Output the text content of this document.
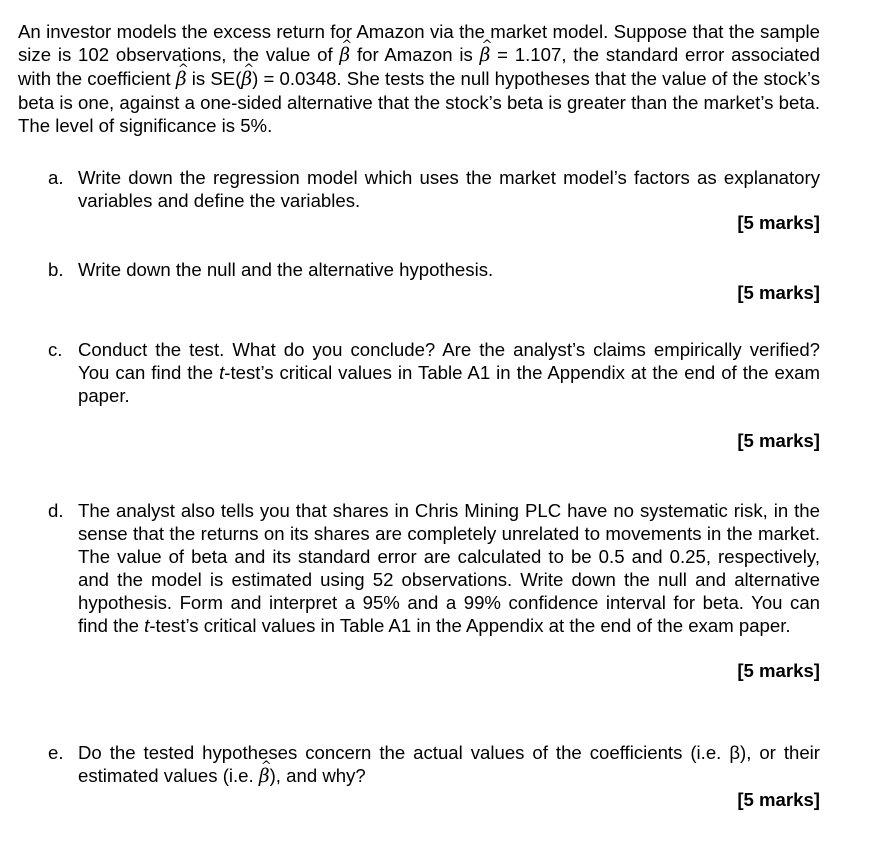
An investor models the excess return for Amazon via the market model. Suppose that the sample size is 102 observations, the value of ^ β for Amazon is ^ β = 1.107, the standard error associated with the coefficient ^ β is SE(^ β) = 0.0348. She tests the null hypotheses that the value of the stock’s beta is one, against a one-sided alternative that the stock’s beta is greater than the market’s beta. The level of significance is 5%.
a. Write down the regression model which uses the market model’s factors as explanatory variables and define the variables.
[5 marks]
b. Write down the null and the alternative hypothesis.
[5 marks]
c. Conduct the test. What do you conclude? Are the analyst’s claims empirically verified? You can find the t-test’s critical values in Table A1 in the Appendix at the end of the exam paper.
[5 marks]
d. The analyst also tells you that shares in Chris Mining PLC have no systematic risk, in the sense that the returns on its shares are completely unrelated to movements in the market. The value of beta and its standard error are calculated to be 0.5 and 0.25, respectively, and the model is estimated using 52 observations. Write down the null and alternative hypothesis. Form and interpret a 95% and a 99% confidence interval for beta. You can find the t-test’s critical values in Table A1 in the Appendix at the end of the exam paper.
[5 marks]
e. Do the tested hypotheses concern the actual values of the coefficients (i.e. β), or their estimated values (i.e. ^ β), and why?
[5 marks]
